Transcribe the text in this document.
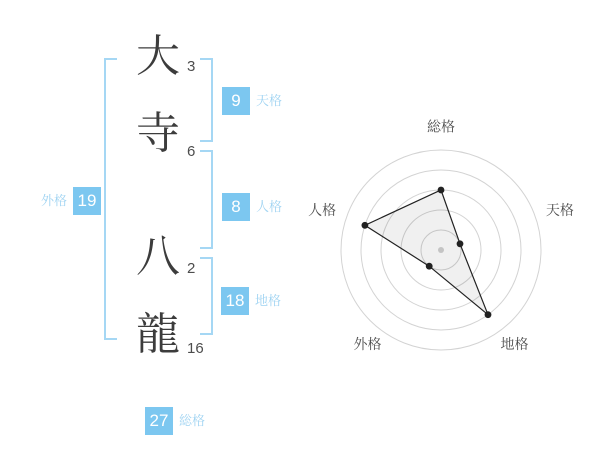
大
寺
八
龍
3
6
2
16
9	天格
8	人格
18 地格
外格 19
27 総格
総格
天格
地格
外格
人格
